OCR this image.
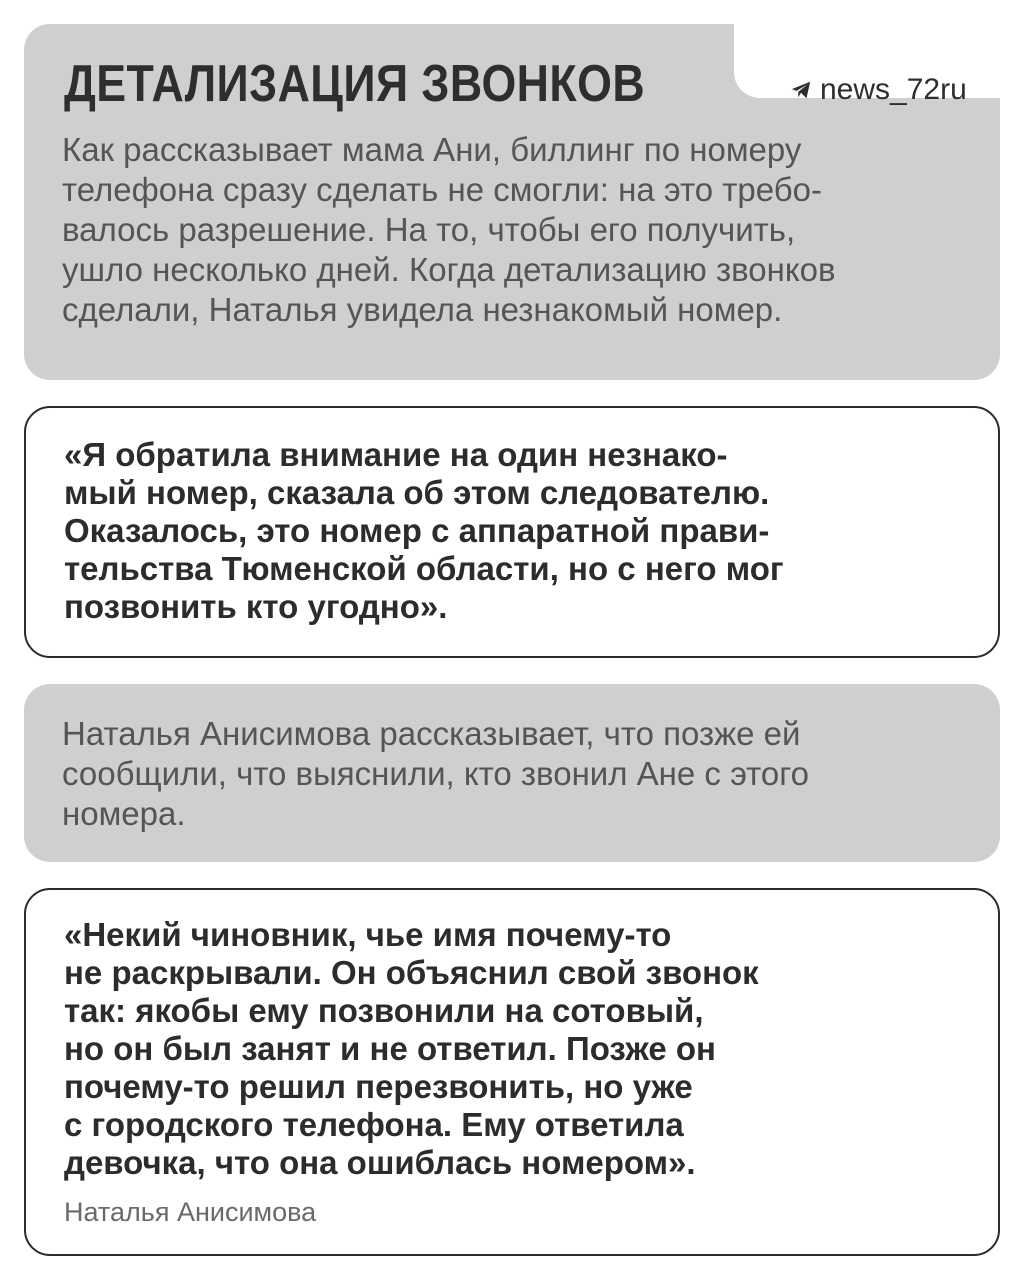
ДЕТАЛИЗАЦИЯ ЗВОНКОВ	news_72ru

Как рассказывает мама Ани, биллинг по номеру
телефона сразу сделать не смогли: на это требо-
валось разрешение. На то, чтобы его получить,
ушло несколько дней. Когда детализацию звонков
сделали, Наталья увидела незнакомый номер.

«Я обратила внимание на один незнако-
мый номер, сказала об этом следователю.
Оказалось, это номер с аппаратной прави-
тельства Тюменской области, но с него мог
позвонить кто угодно».

Наталья Анисимова рассказывает, что позже ей
сообщили, что выяснили, кто звонил Ане с этого
номера.

«Некий чиновник, чье имя почему-то
не раскрывали. Он объяснил свой звонок
так: якобы ему позвонили на сотовый,
но он был занят и не ответил. Позже он
почему-то решил перезвонить, но уже
с городского телефона. Ему ответила
девочка, что она ошиблась номером».

Наталья Анисимова
